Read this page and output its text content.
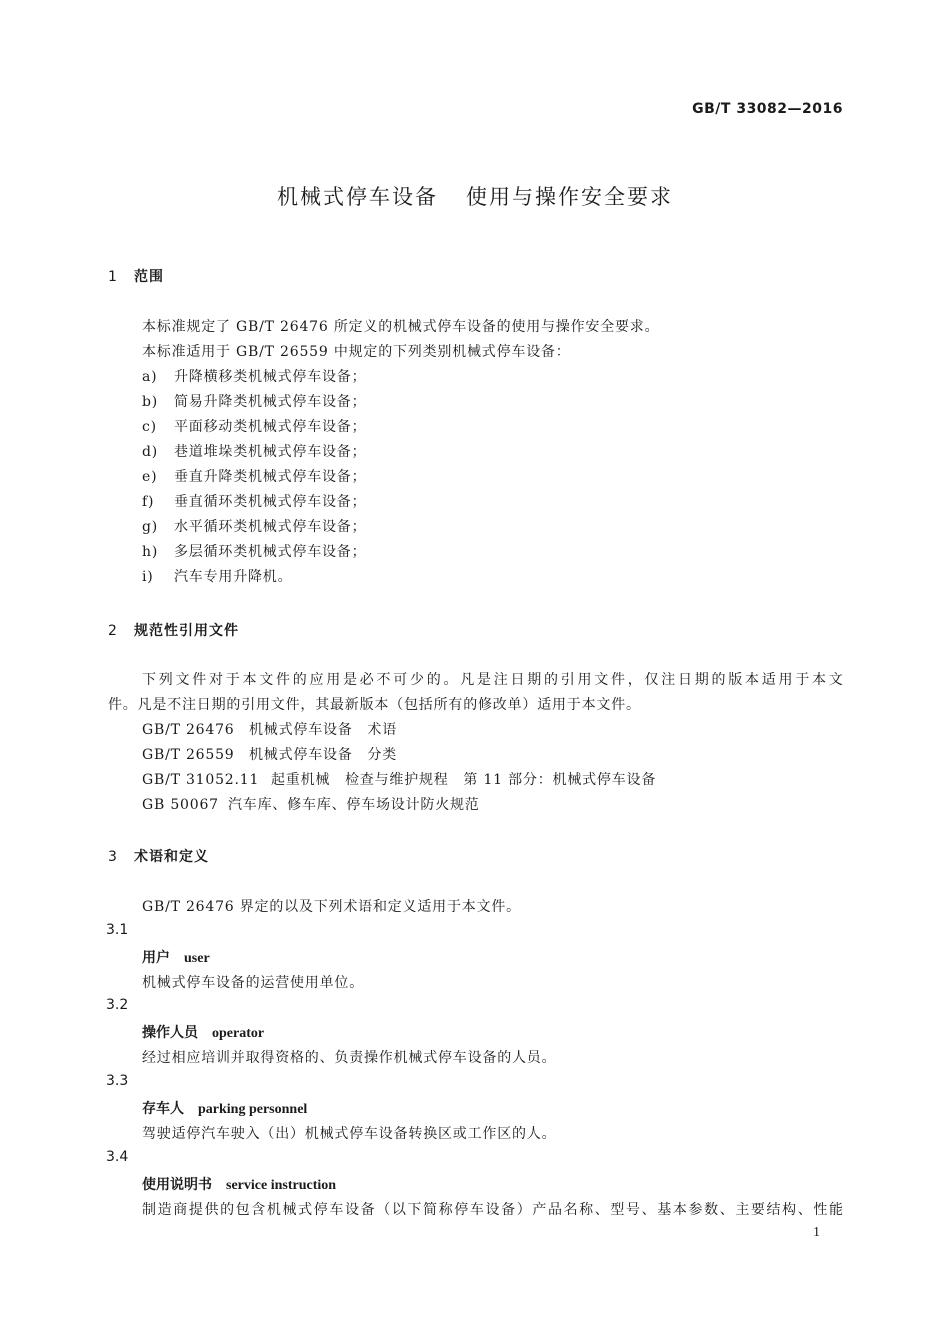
GB/T 33082—2016
机械式停车设备 使用与操作安全要求
1 范围
本标准规定了 GB/T 26476 所定义的机械式停车设备的使用与操作安全要求。
本标准适用于 GB/T 26559 中规定的下列类别机械式停车设备：
a) 升降横移类机械式停车设备；
b) 简易升降类机械式停车设备；
c) 平面移动类机械式停车设备；
d) 巷道堆垛类机械式停车设备；
e) 垂直升降类机械式停车设备；
f) 垂直循环类机械式停车设备；
g) 水平循环类机械式停车设备；
h) 多层循环类机械式停车设备；
i) 汽车专用升降机。
2 规范性引用文件
下列文件对于本文件的应用是必不可少的。凡是注日期的引用文件，仅注日期的版本适用于本文
件。凡是不注日期的引用文件，其最新版本（包括所有的修改单）适用于本文件。
GB/T 26476 机械式停车设备　术语
GB/T 26559 机械式停车设备　分类
GB/T 31052.11 起重机械　检查与维护规程　第 11 部分：机械式停车设备
GB 50067 汽车库、修车库、停车场设计防火规范
3 术语和定义
GB/T 26476 界定的以及下列术语和定义适用于本文件。
3.1
用户 user
机械式停车设备的运营使用单位。
3.2
操作人员 operator
经过相应培训并取得资格的、负责操作机械式停车设备的人员。
3.3
存车人 parking personnel
驾驶适停汽车驶入（出）机械式停车设备转换区或工作区的人。
3.4
使用说明书 service instruction
制造商提供的包含机械式停车设备（以下简称停车设备）产品名称、型号、基本参数、主要结构、性能
1
